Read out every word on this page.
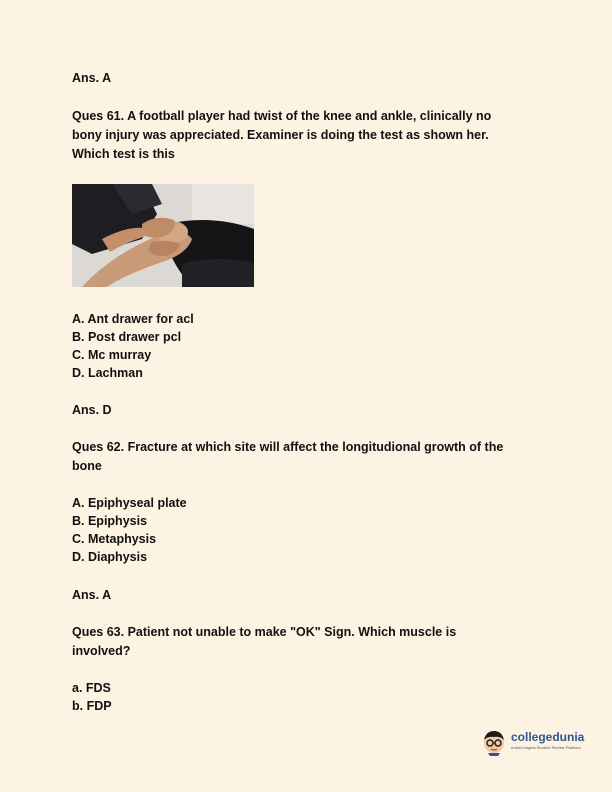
Ans. A
Ques 61. A football player had twist of the knee and ankle, clinically no
bony injury was appreciated. Examiner is doing the test as shown her.
Which test is this
A. Ant drawer for acl
B. Post drawer pcl
C. Mc murray
D. Lachman
Ans. D
Ques 62. Fracture at which site will affect the longitudional growth of the
bone
A. Epiphyseal plate
B. Epiphysis
C. Metaphysis
D. Diaphysis
Ans. A
Ques 63. Patient not unable to make "OK" Sign. Which muscle is
involved?
a. FDS
b. FDP
collegedunia
India's largest Student Review Platform
